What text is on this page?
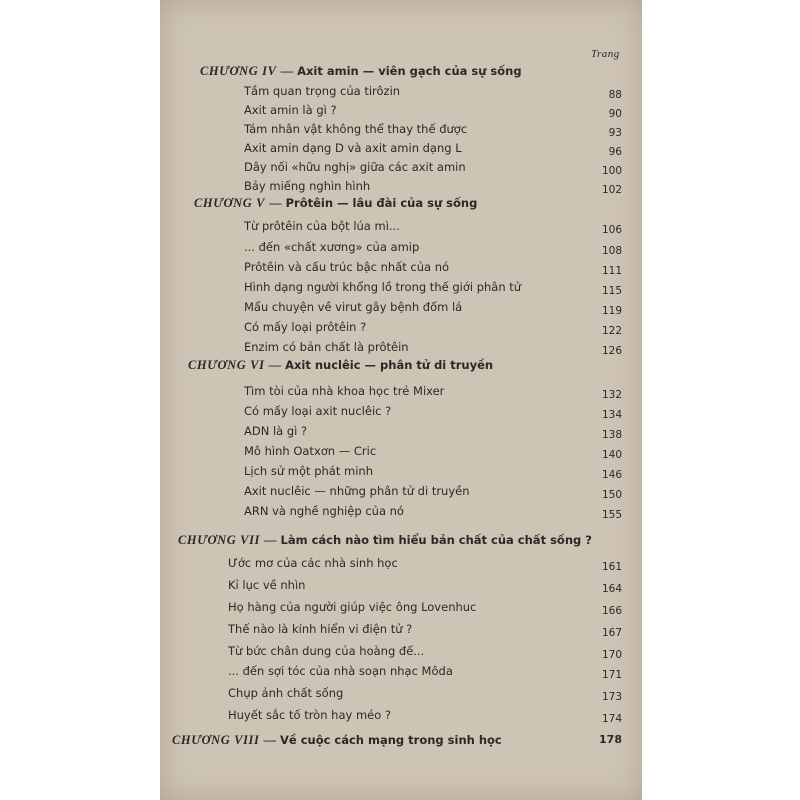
Trang
CHƯƠNG IV — Axit amin — viên gạch của sự sống
Tầm quan trọng của tirôzin	88
Axit amin là gì ?	90
Tám nhân vật không thể thay thế được	93
Axit amin dạng D và axit amin dạng L	96
Dây nối «hữu nghị» giữa các axit amin	100
Bảy miếng nghìn hình	102
CHƯƠNG V — Prôtêin — lâu đài của sự sống
Từ prôtêin của bột lúa mì...	106
... đến «chất xương» của amip	108
Prôtêin và cấu trúc bậc nhất của nó	111
Hình dạng người khổng lồ trong thế giới phân tử	115
Mẩu chuyện về virut gây bệnh đốm lá	119
Có mấy loại prôtêin ?	122
Enzim có bản chất là prôtêin	126
CHƯƠNG VI — Axit nuclêic — phân tử di truyền
Tìm tòi của nhà khoa học trẻ Mixer	132
Có mấy loại axit nuclêic ?	134
ADN là gì ?	138
Mô hình Oatxơn — Cric	140
Lịch sử một phát minh	146
Axit nuclêic — những phân tử di truyền	150
ARN và nghề nghiệp của nó	155
CHƯƠNG VII — Làm cách nào tìm hiểu bản chất của chất sống ?
Ước mơ của các nhà sinh học	161
Kỉ lục về nhìn	164
Họ hàng của người giúp việc ông Lovenhuc	166
Thế nào là kính hiển vi điện tử ?	167
Từ bức chân dung của hoàng đế...	170
... đến sợi tóc của nhà soạn nhạc Môda	171
Chụp ảnh chất sống	173
Huyết sắc tố tròn hay méo ?	174
CHƯƠNG VIII — Về cuộc cách mạng trong sinh học	178
